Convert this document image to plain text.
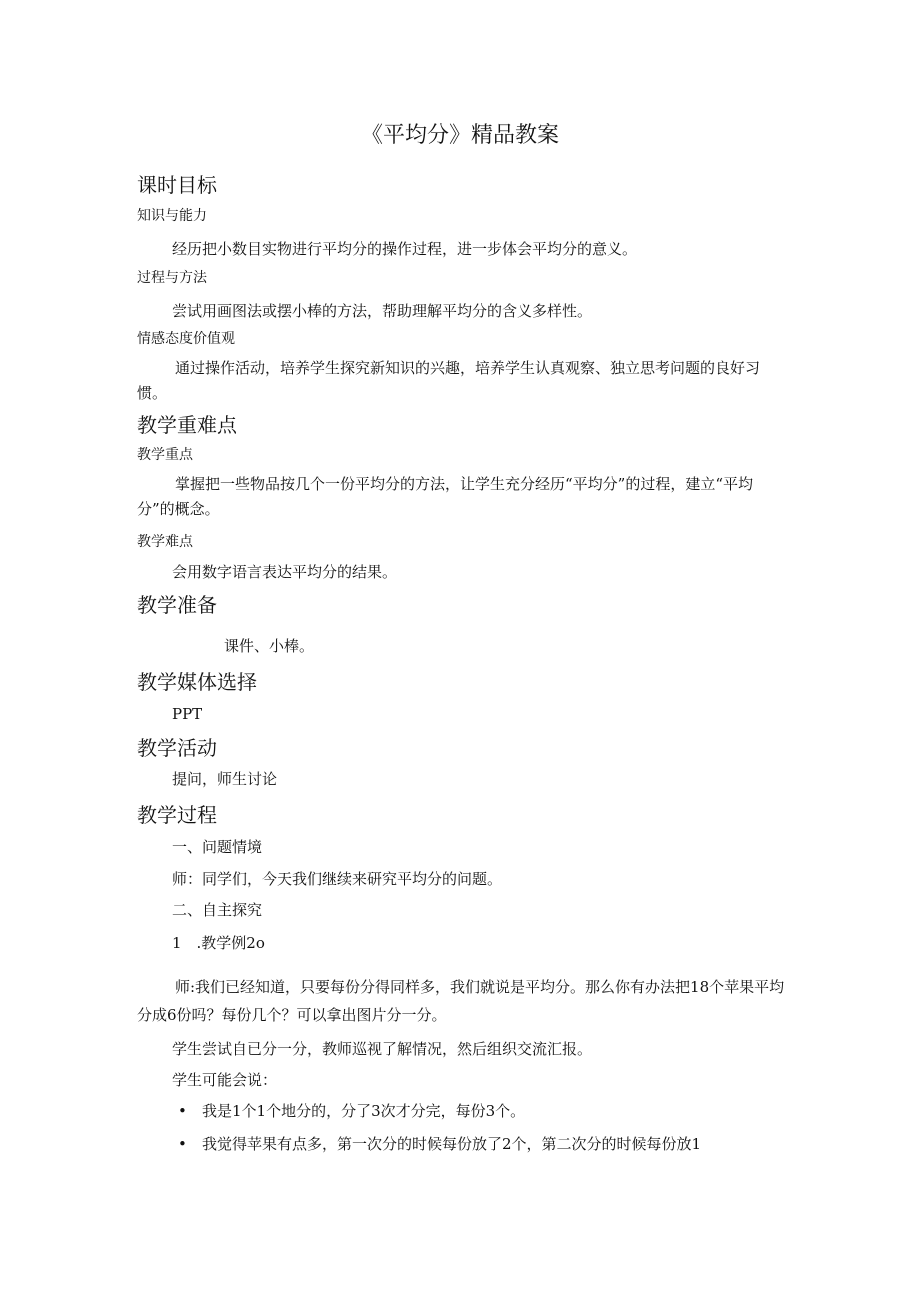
《平均分》精品教案
课时目标
知识与能力

经历把小数目实物进行平均分的操作过程，进一步体会平均分的意义。

过程与方法

尝试用画图法或摆小棒的方法，帮助理解平均分的含义多样性。

情感态度价值观

通过操作活动，培养学生探究新知识的兴趣，培养学生认真观察、独立思考问题的良好习惯。

教学重难点
教学重点

掌握把一些物品按几个一份平均分的方法，让学生充分经历“平均分”的过程，建立“平均分”的概念。

教学难点

会用数字语言表达平均分的结果。

教学准备

课件、小棒。

教学媒体选择

PPT

教学活动

提问，师生讨论

教学过程

一、问题情境

师：同学们，今天我们继续来研究平均分的问题。

二、自主探究

1　.教学例2o

师:我们已经知道，只要每份分得同样多，我们就说是平均分。那么你有办法把18个苹果平均分成6份吗？每份几个？可以拿出图片分一分。

学生尝试自已分一分，教师巡视了解情况，然后组织交流汇报。

学生可能会说：

• 我是1个1个地分的，分了3次才分完，每份3个。
• 我觉得苹果有点多，第一次分的时候每份放了2个，第二次分的时候每份放1
